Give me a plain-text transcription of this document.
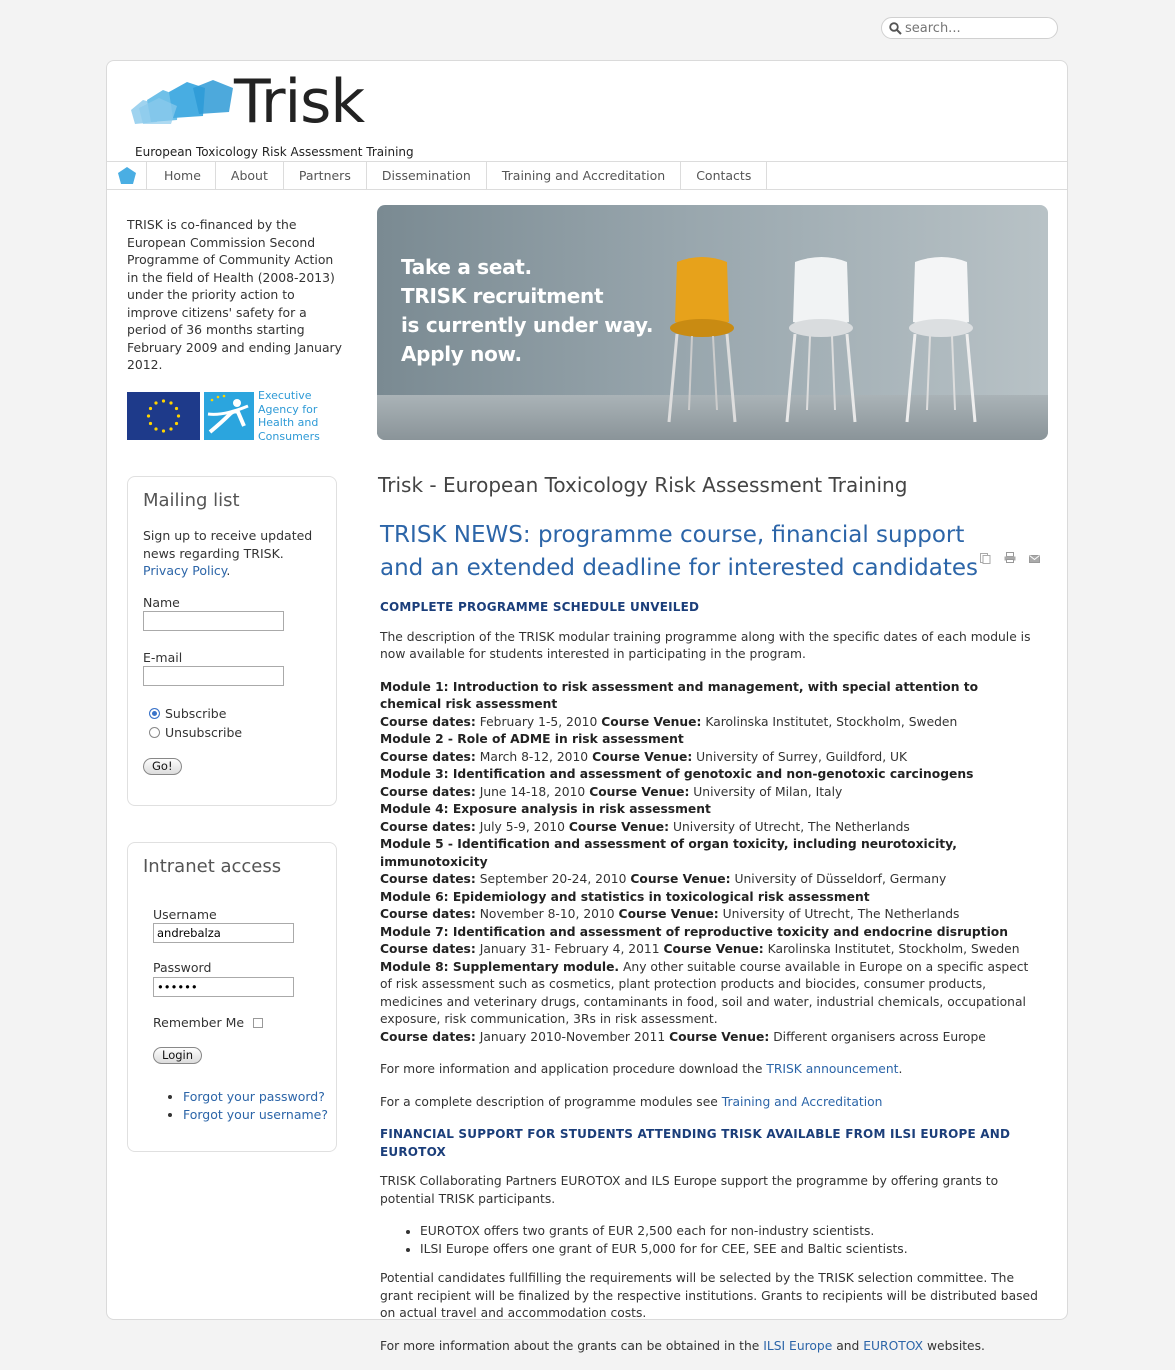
search...
Trisk
European Toxicology Risk Assessment Training
Home	About	Partners	Dissemination	Training and Accreditation	Contacts
TRISK is co-financed by the European Commission Second Programme of Community Action in the field of Health (2008-2013) under the priority action to improve citizens' safety for a period of 36 months starting February 2009 and ending January 2012.
Executive Agency for Health and Consumers
Mailing list
Sign up to receive updated news regarding TRISK.
Privacy Policy.
Name
E-mail
Subscribe
Unsubscribe
Go!
Intranet access
Username
andrebalza
Password
••••••
Remember Me
Login
• Forgot your password?
• Forgot your username?
Take a seat.
TRISK recruitment
is currently under way.
Apply now.
Trisk - European Toxicology Risk Assessment Training
TRISK NEWS: programme course, financial support and an extended deadline for interested candidates
COMPLETE PROGRAMME SCHEDULE UNVEILED

The description of the TRISK modular training programme along with the specific dates of each module is now available for students interested in participating in the program.

Module 1: Introduction to risk assessment and management, with special attention to chemical risk assessment
Course dates: February 1-5, 2010 Course Venue: Karolinska Institutet, Stockholm, Sweden
Module 2 - Role of ADME in risk assessment
Course dates: March 8-12, 2010 Course Venue: University of Surrey, Guildford, UK
Module 3: Identification and assessment of genotoxic and non-genotoxic carcinogens
Course dates: June 14-18, 2010 Course Venue: University of Milan, Italy
Module 4: Exposure analysis in risk assessment
Course dates: July 5-9, 2010 Course Venue: University of Utrecht, The Netherlands
Module 5 - Identification and assessment of organ toxicity, including neurotoxicity, immunotoxicity
Course dates: September 20-24, 2010 Course Venue: University of Düsseldorf, Germany
Module 6: Epidemiology and statistics in toxicological risk assessment
Course dates: November 8-10, 2010 Course Venue: University of Utrecht, The Netherlands
Module 7: Identification and assessment of reproductive toxicity and endocrine disruption
Course dates: January 31- February 4, 2011 Course Venue: Karolinska Institutet, Stockholm, Sweden
Module 8: Supplementary module. Any other suitable course available in Europe on a specific aspect of risk assessment such as cosmetics, plant protection products and biocides, consumer products, medicines and veterinary drugs, contaminants in food, soil and water, industrial chemicals, occupational exposure, risk communication, 3Rs in risk assessment.
Course dates: January 2010-November 2011 Course Venue: Different organisers across Europe

For more information and application procedure download the TRISK announcement.

For a complete description of programme modules see Training and Accreditation

FINANCIAL SUPPORT FOR STUDENTS ATTENDING TRISK AVAILABLE FROM ILSI EUROPE AND EUROTOX

TRISK Collaborating Partners EUROTOX and ILS Europe support the programme by offering grants to potential TRISK participants.

• EUROTOX offers two grants of EUR 2,500 each for non-industry scientists.
• ILSI Europe offers one grant of EUR 5,000 for for CEE, SEE and Baltic scientists.

Potential candidates fullfilling the requirements will be selected by the TRISK selection committee. The grant recipient will be finalized by the respective institutions. Grants to recipients will be distributed based on actual travel and accommodation costs.

For more information about the grants can be obtained in the ILSI Europe and EUROTOX websites.
